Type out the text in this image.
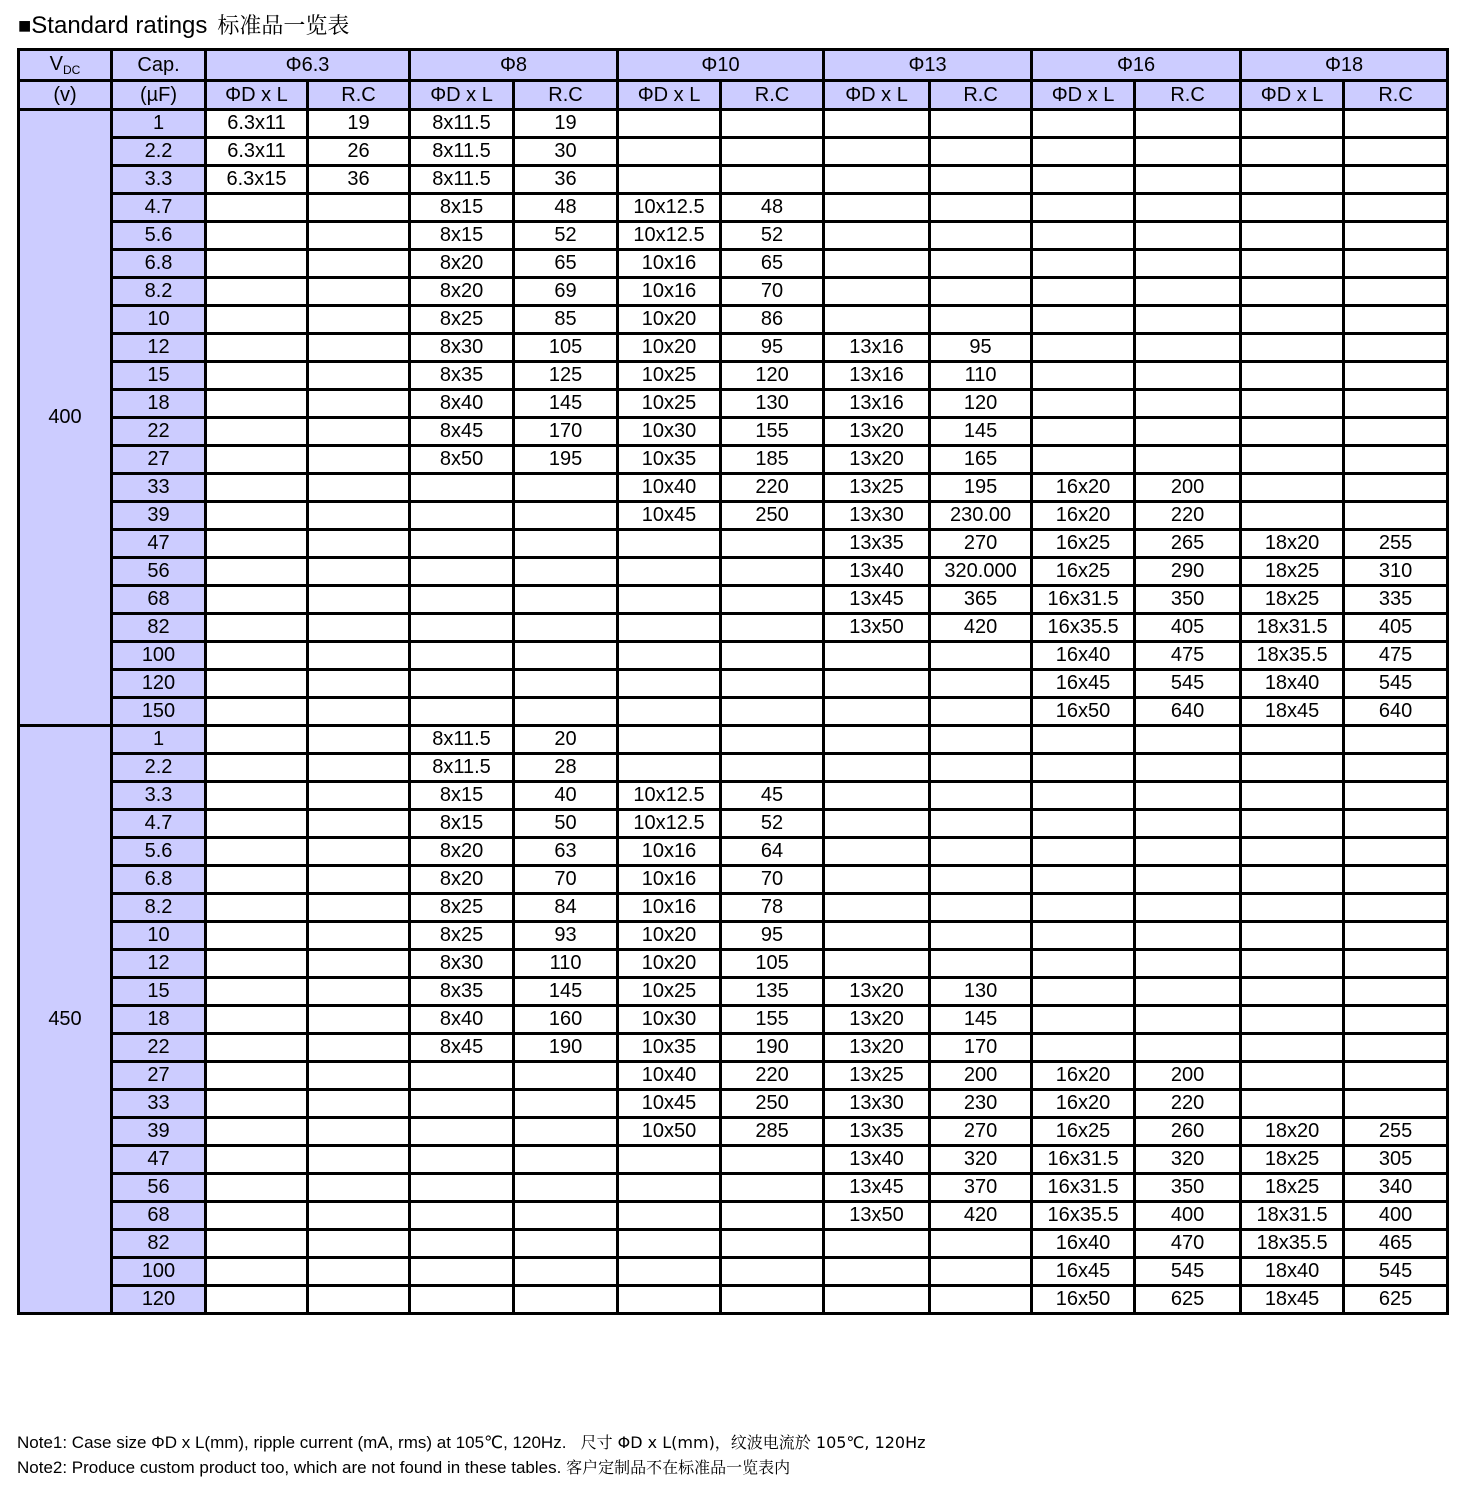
■Standard ratings 标准品一览表
$V_{DC}$	Cap.	Φ6.3		Φ8		Φ10		Φ13		Φ16		Φ18	
(v)	(µF)	ΦD x L	R.C	ΦD x L	R.C	ΦD x L	R.C	ΦD x L	R.C	ΦD x L	R.C	ΦD x L	R.C
400	1	6.3x11	19	8x11.5	19								
	2.2	6.3x11	26	8x11.5	30								
	3.3	6.3x15	36	8x11.5	36								
	4.7			8x15	48	10x12.5	48						
	5.6			8x15	52	10x12.5	52						
	6.8			8x20	65	10x16	65						
	8.2			8x20	69	10x16	70						
	10			8x25	85	10x20	86						
	12			8x30	105	10x20	95	13x16	95				
	15			8x35	125	10x25	120	13x16	110				
	18			8x40	145	10x25	130	13x16	120				
	22			8x45	170	10x30	155	13x20	145				
	27			8x50	195	10x35	185	13x20	165				
	33					10x40	220	13x25	195	16x20	200		
	39					10x45	250	13x30	230.00	16x20	220		
	47							13x35	270	16x25	265	18x20	255
	56							13x40	320.000	16x25	290	18x25	310
	68							13x45	365	16x31.5	350	18x25	335
	82							13x50	420	16x35.5	405	18x31.5	405
	100									16x40	475	18x35.5	475
	120									16x45	545	18x40	545
	150									16x50	640	18x45	640
450	1			8x11.5	20								
	2.2			8x11.5	28								
	3.3			8x15	40	10x12.5	45						
	4.7			8x15	50	10x12.5	52						
	5.6			8x20	63	10x16	64						
	6.8			8x20	70	10x16	70						
	8.2			8x25	84	10x16	78						
	10			8x25	93	10x20	95						
	12			8x30	110	10x20	105						
	15			8x35	145	10x25	135	13x20	130				
	18			8x40	160	10x30	155	13x20	145				
	22			8x45	190	10x35	190	13x20	170				
	27					10x40	220	13x25	200	16x20	200		
	33					10x45	250	13x30	230	16x20	220		
	39					10x50	285	13x35	270	16x25	260	18x20	255
	47							13x40	320	16x31.5	320	18x25	305
	56							13x45	370	16x31.5	350	18x25	340
	68							13x50	420	16x35.5	400	18x31.5	400
	82									16x40	470	18x35.5	465
	100									16x45	545	18x40	545
	120									16x50	625	18x45	625
Note1: Case size ΦD x L(mm), ripple current (mA, rms) at 105℃, 120Hz. 尺寸 ΦD x L(mm)，纹波电流於 105℃, 120Hz
Note2: Produce custom product too, which are not found in these tables. 客户定制品不在标准品一览表内
